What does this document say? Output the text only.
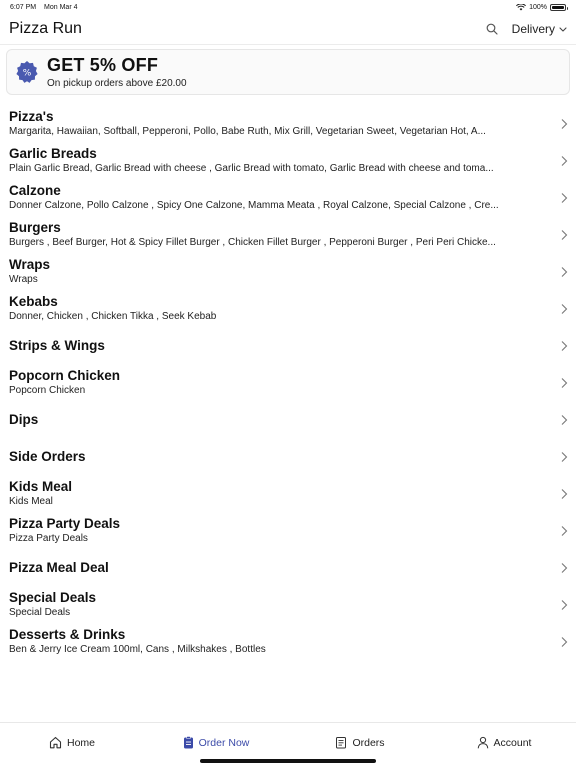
6:07 PM Mon Mar 4	100%
Pizza Run	Delivery
% GET 5% OFF
On pickup orders above £20.00
Pizza's
Margarita, Hawaiian, Softball, Pepperoni, Pollo, Babe Ruth, Mix Grill, Vegetarian Sweet, Vegetarian Hot, A...
Garlic Breads
Plain Garlic Bread, Garlic Bread with cheese , Garlic Bread with tomato, Garlic Bread with cheese and toma...
Calzone
Donner Calzone, Pollo Calzone , Spicy One Calzone, Mamma Meata , Royal Calzone, Special Calzone , Cre...
Burgers
Burgers , Beef Burger, Hot & Spicy Fillet Burger , Chicken Fillet Burger , Pepperoni Burger , Peri Peri Chicke...
Wraps
Wraps
Kebabs
Donner, Chicken , Chicken Tikka , Seek Kebab
Strips & Wings
Popcorn Chicken
Popcorn Chicken
Dips
Side Orders
Kids Meal
Kids Meal
Pizza Party Deals
Pizza Party Deals
Pizza Meal Deal
Special Deals
Special Deals
Desserts & Drinks
Ben & Jerry Ice Cream 100ml, Cans , Milkshakes , Bottles
Home	Order Now	Orders	Account
